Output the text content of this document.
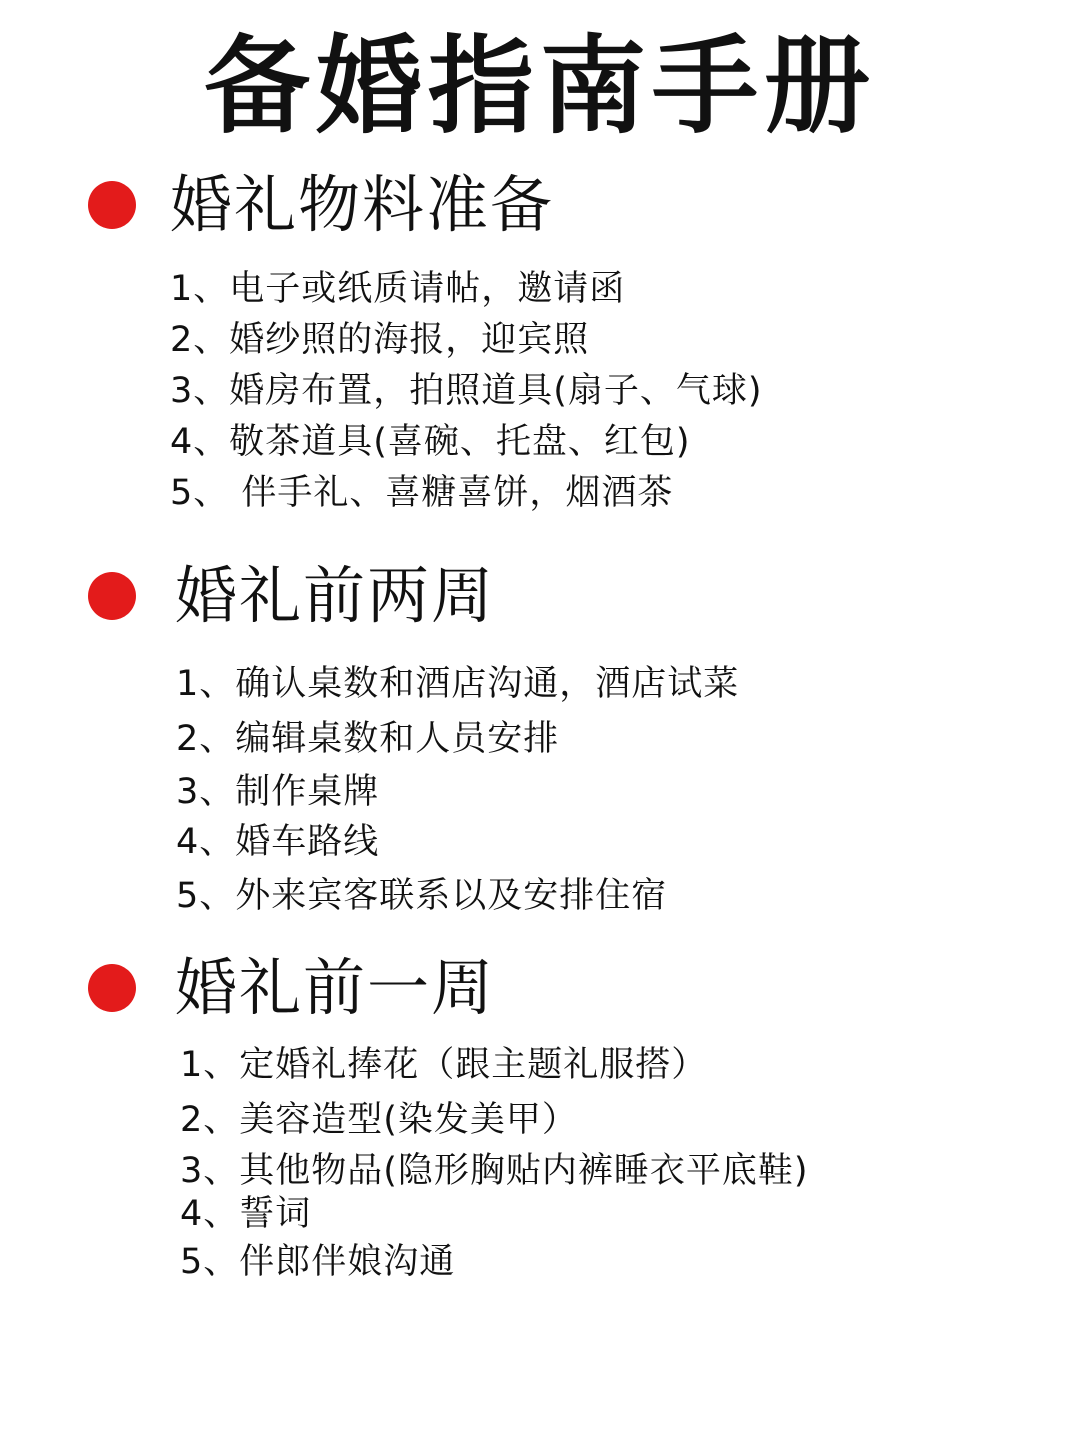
备婚指南手册
婚礼物料准备
1、电子或纸质请帖，邀请函
2、婚纱照的海报，迎宾照
3、婚房布置，拍照道具(扇子、气球)
4、敬茶道具(喜碗、托盘、红包)
5、 伴手礼、喜糖喜饼，烟酒茶
婚礼前两周
1、确认桌数和酒店沟通，酒店试菜
2、编辑桌数和人员安排
3、制作桌牌
4、婚车路线
5、外来宾客联系以及安排住宿
婚礼前一周
1、定婚礼捧花（跟主题礼服搭）
2、美容造型(染发美甲）
3、其他物品(隐形胸贴内裤睡衣平底鞋)
4、誓词
5、伴郎伴娘沟通
